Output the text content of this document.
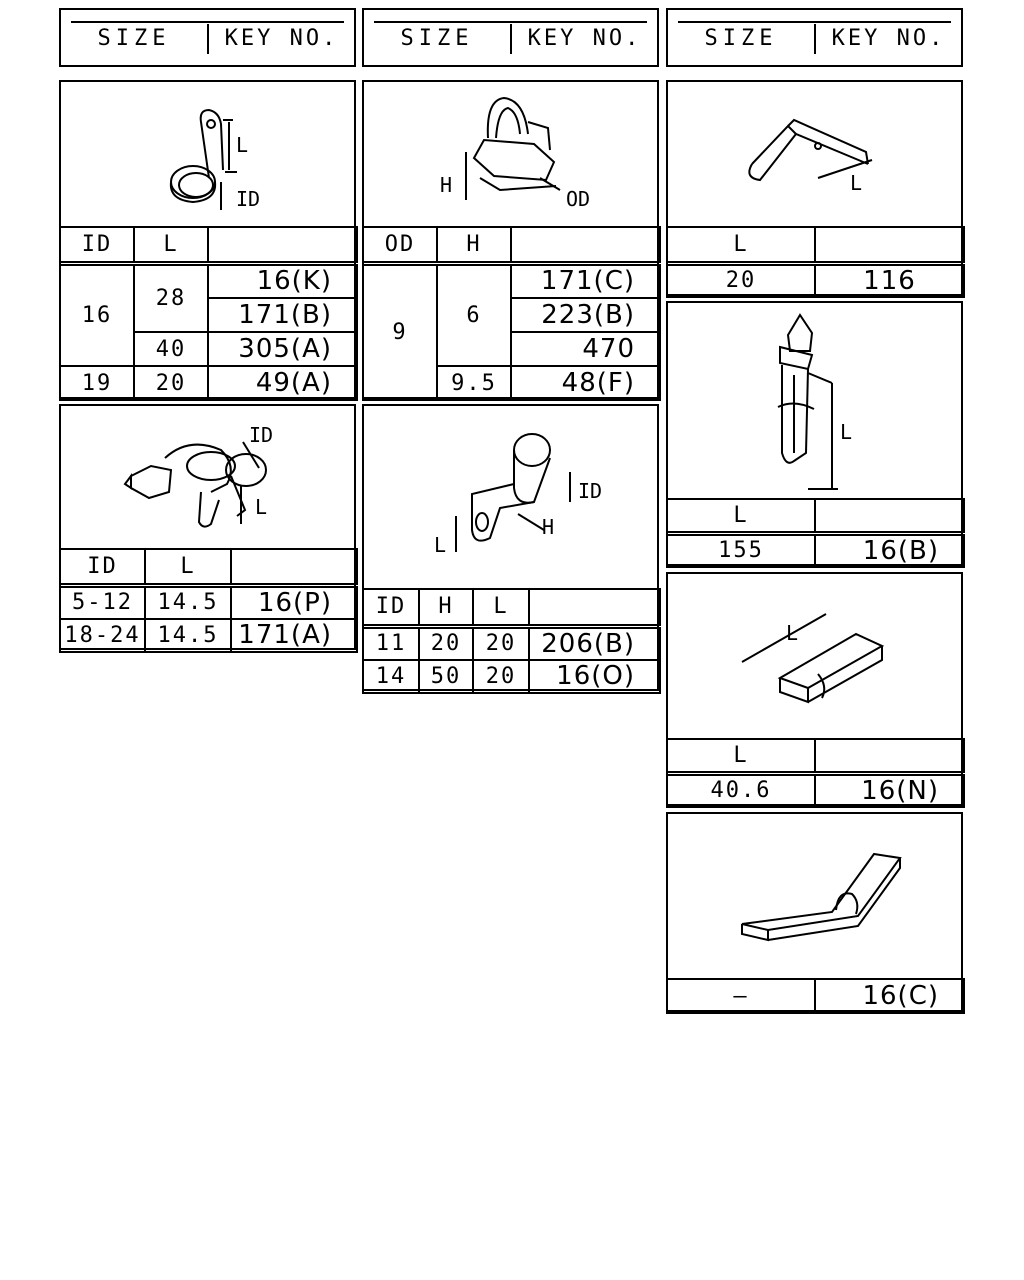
SIZE	KEY NO.	SIZE	KEY NO.	SIZE	KEY NO.
L
ID
ID	L	
16	28	16(K)
		171(B)
	40	305(A)
19	20	49(A)
ID
L
ID	L	
5-12	14.5	16(P)
18-24	14.5	171(A)
H
OD
OD	H	
9	6	171(C)
		223(B)
		470
	9.5	48(F)
ID
H
L
ID	H	L	
11	20	20	206(B)
14	50	20	16(O)
L
L	
20	116
L
L	
155	16(B)
L
L	
40.6	16(N)
—	16(C)
